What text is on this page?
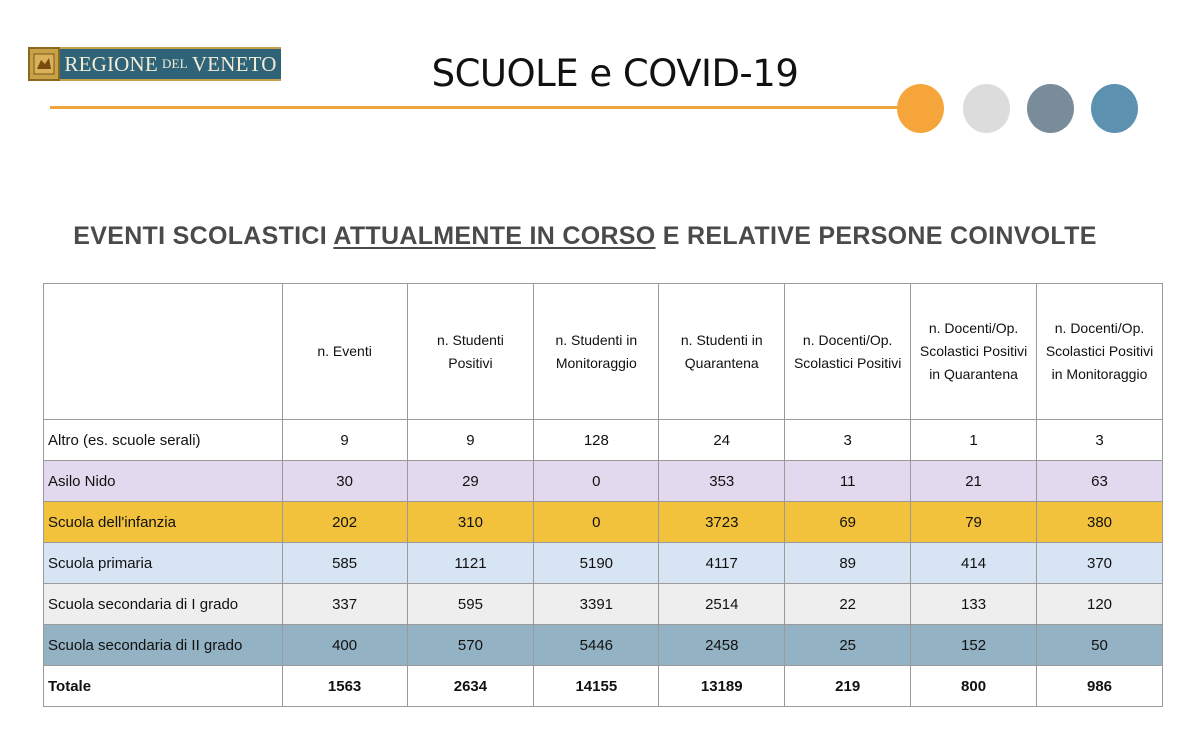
REGIONE DEL VENETO	SCUOLE e COVID-19
EVENTI SCOLASTICI ATTUALMENTE IN CORSO E RELATIVE PERSONE COINVOLTE
	n. Eventi	n. Studenti Positivi	n. Studenti in Monitoraggio	n. Studenti in Quarantena	n. Docenti/Op. Scolastici Positivi	n. Docenti/Op. Scolastici Positivi in Quarantena	n. Docenti/Op. Scolastici Positivi in Monitoraggio
Altro (es. scuole serali)	9	9	128	24	3	1	3
Asilo Nido	30	29	0	353	11	21	63
Scuola dell'infanzia	202	310	0	3723	69	79	380
Scuola primaria	585	1121	5190	4117	89	414	370
Scuola secondaria di I grado	337	595	3391	2514	22	133	120
Scuola secondaria di II grado	400	570	5446	2458	25	152	50
Totale	1563	2634	14155	13189	219	800	986
